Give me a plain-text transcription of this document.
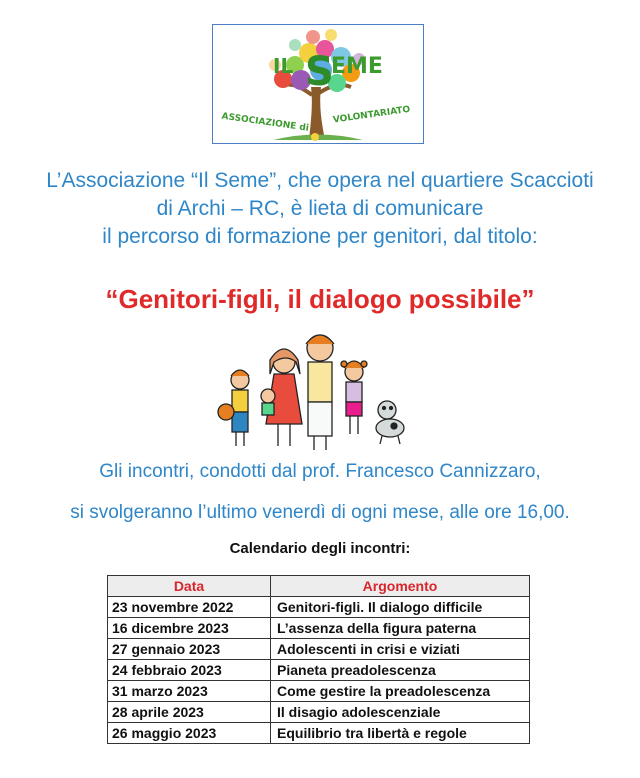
IL EME
S
ASSOCIAZIONE di	VOLONTARIATO
L’Associazione “Il Seme”, che opera nel quartiere Scaccioti
di Archi – RC, è lieta di comunicare
il percorso di formazione per genitori, dal titolo:
“Genitori-figli, il dialogo possibile”
Gli incontri, condotti dal prof. Francesco Cannizzaro,
si svolgeranno l’ultimo venerdì di ogni mese, alle ore 16,00.
Calendario degli incontri:
Data	Argomento
23 novembre 2022	Genitori-figli. Il dialogo difficile
16 dicembre 2023	L’assenza della figura paterna
27 gennaio 2023	Adolescenti in crisi e viziati
24 febbraio 2023	Pianeta preadolescenza
31 marzo 2023	Come gestire la preadolescenza
28 aprile 2023	Il disagio adolescenziale
26 maggio 2023	Equilibrio tra libertà e regole
